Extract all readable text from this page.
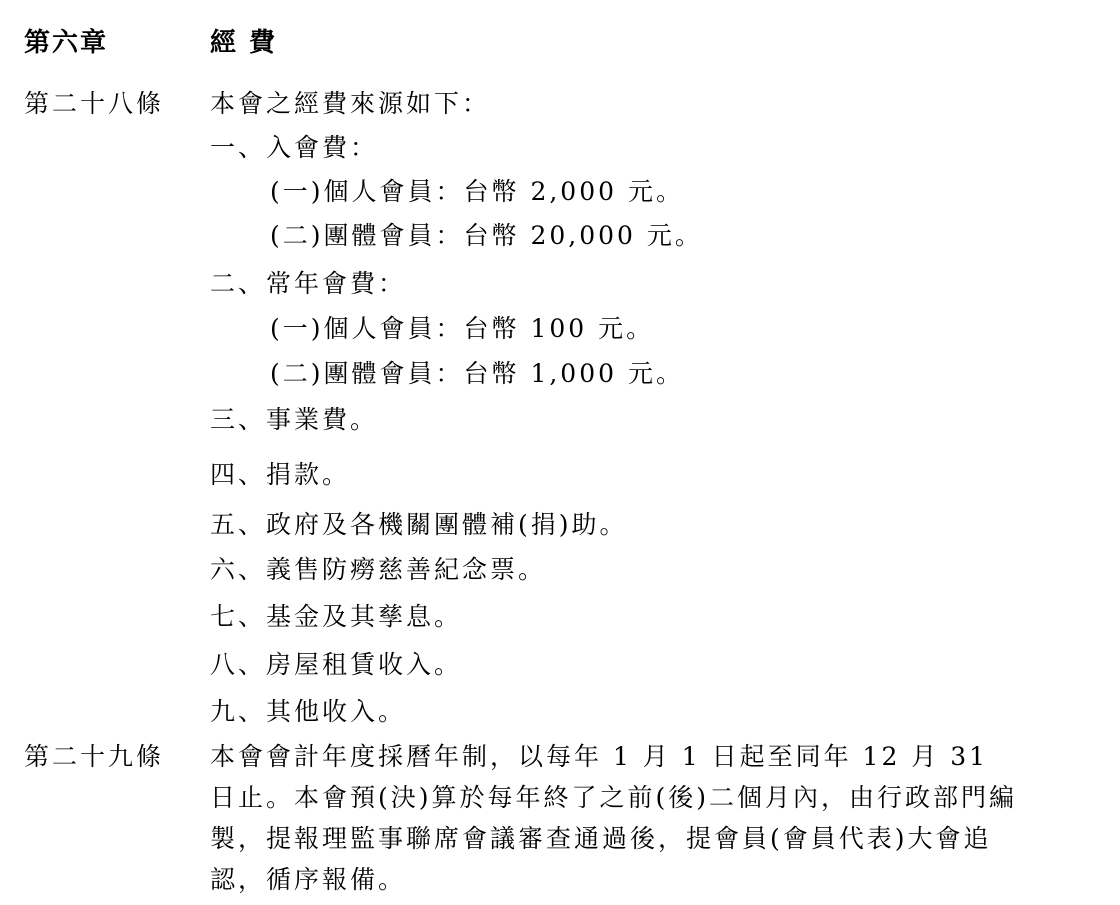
第六章	經 費
第二十八條 本會之經費來源如下：
一、入會費：
(一)個人會員：台幣 2,000 元。
(二)團體會員：台幣 20,000 元。
二、常年會費：
(一)個人會員：台幣 100 元。
(二)團體會員：台幣 1,000 元。
三、事業費。
四、捐款。
五、政府及各機關團體補(捐)助。
六、義售防癆慈善紀念票。
七、基金及其孳息。
八、房屋租賃收入。
九、其他收入。
第二十九條 本會會計年度採曆年制，以每年 1 月 1 日起至同年 12 月 31
日止。本會預(決)算於每年終了之前(後)二個月內，由行政部門編
製，提報理監事聯席會議審查通過後，提會員(會員代表)大會追
認，循序報備。
